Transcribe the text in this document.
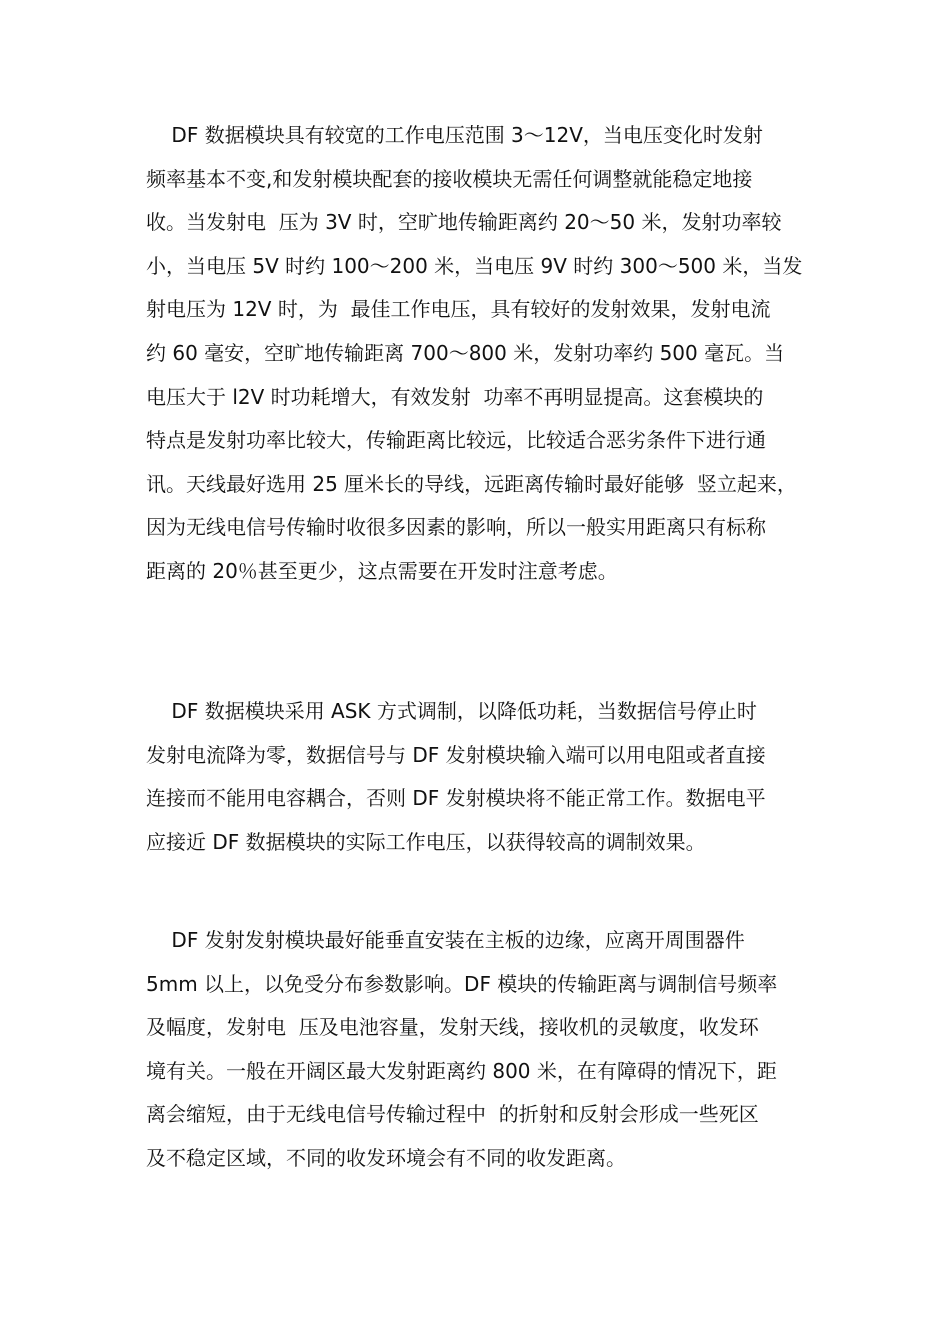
DF 数据模块具有较宽的工作电压范围 3～12V，当电压变化时发射
频率基本不变,和发射模块配套的接收模块无需任何调整就能稳定地接
收。当发射电  压为 3V 时，空旷地传输距离约 20～50 米，发射功率较
小，当电压 5V 时约 100～200 米，当电压 9V 时约 300～500 米，当发
射电压为 12V 时，为  最佳工作电压，具有较好的发射效果，发射电流
约 60 毫安，空旷地传输距离 700～800 米，发射功率约 500 毫瓦。当
电压大于 l2V 时功耗增大，有效发射  功率不再明显提高。这套模块的
特点是发射功率比较大，传输距离比较远，比较适合恶劣条件下进行通
讯。天线最好选用 25 厘米长的导线，远距离传输时最好能够  竖立起来，
因为无线电信号传输时收很多因素的影响，所以一般实用距离只有标称
距离的 20％甚至更少，这点需要在开发时注意考虑。

DF 数据模块采用 ASK 方式调制，以降低功耗，当数据信号停止时
发射电流降为零，数据信号与 DF 发射模块输入端可以用电阻或者直接
连接而不能用电容耦合，否则 DF 发射模块将不能正常工作。数据电平
应接近 DF 数据模块的实际工作电压，以获得较高的调制效果。

DF 发射发射模块最好能垂直安装在主板的边缘，应离开周围器件
5mm 以上，以免受分布参数影响。DF 模块的传输距离与调制信号频率
及幅度，发射电  压及电池容量，发射天线，接收机的灵敏度，收发环
境有关。一般在开阔区最大发射距离约 800 米，在有障碍的情况下，距
离会缩短，由于无线电信号传输过程中  的折射和反射会形成一些死区
及不稳定区域，不同的收发环境会有不同的收发距离。
